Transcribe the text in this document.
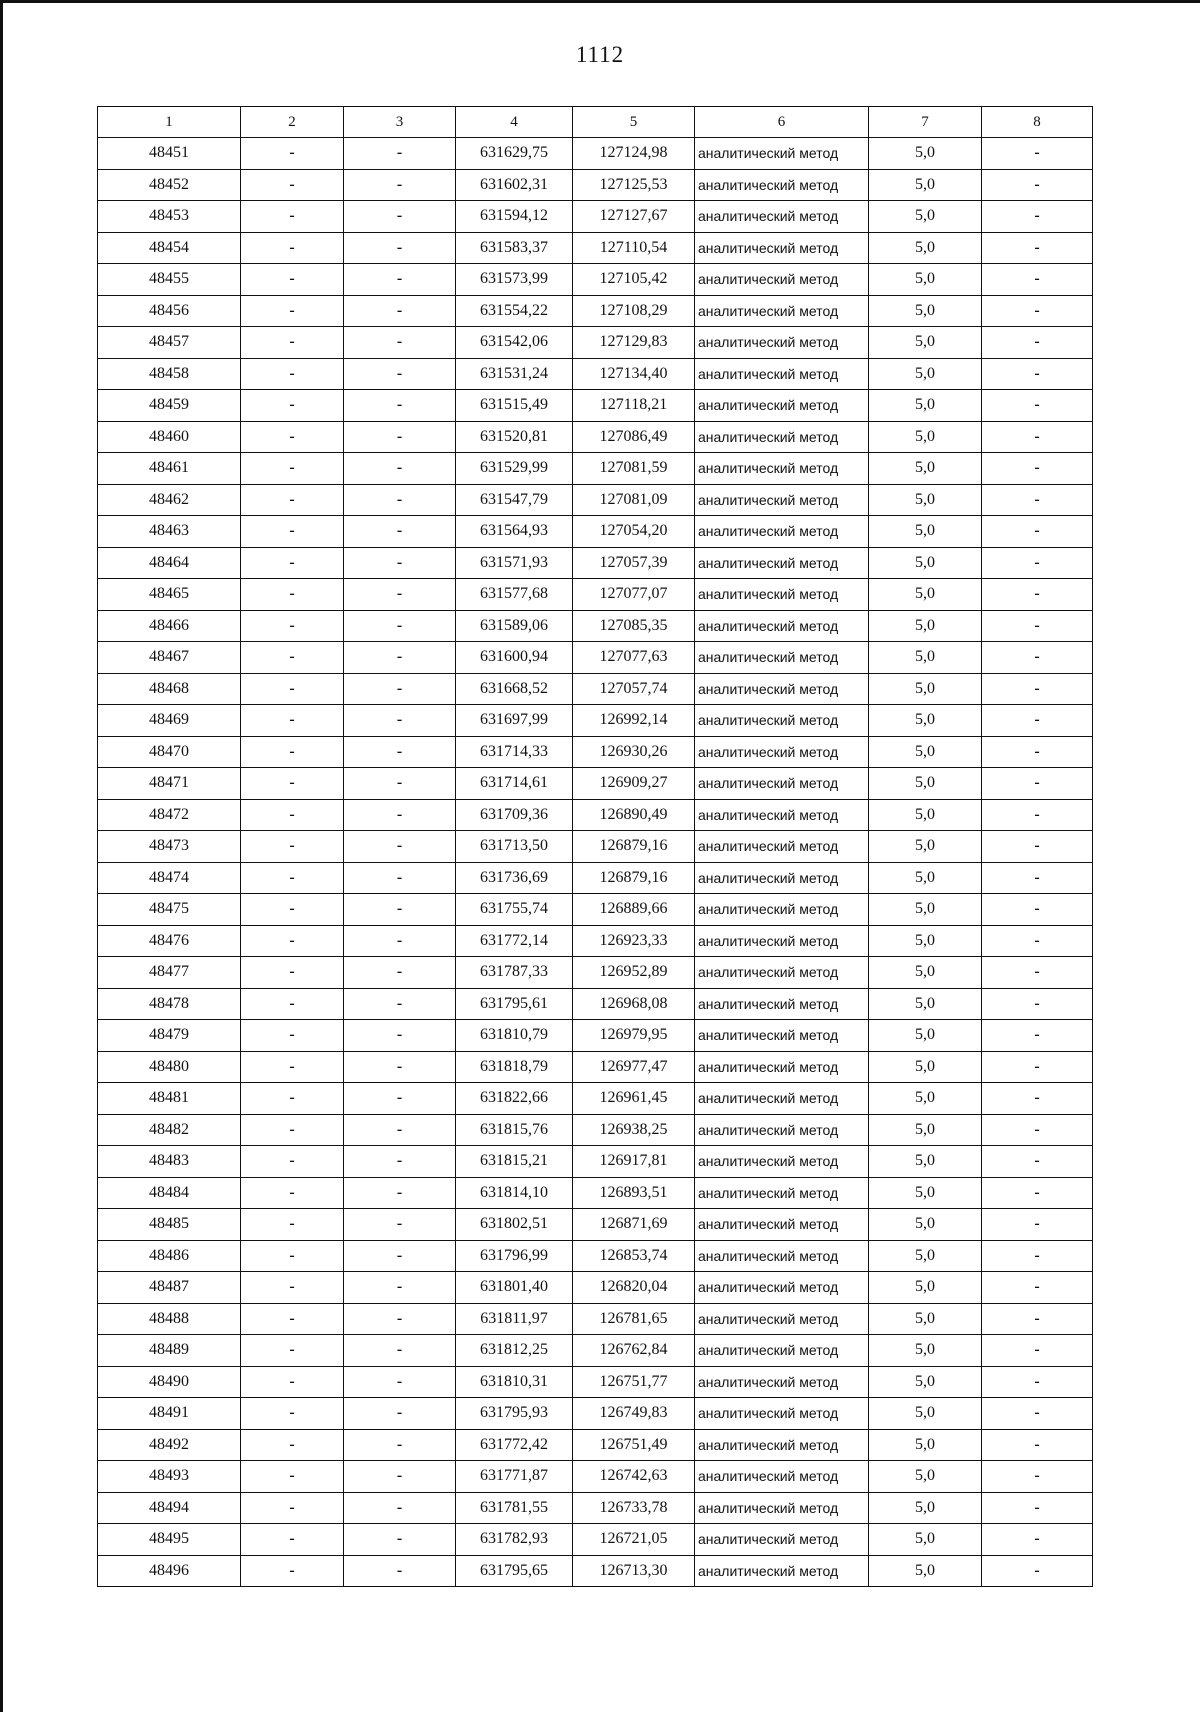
1112
1	2	3	4	5	6	7	8
48451	-	-	631629,75	127124,98	аналитический метод	5,0	-
48452	-	-	631602,31	127125,53	аналитический метод	5,0	-
48453	-	-	631594,12	127127,67	аналитический метод	5,0	-
48454	-	-	631583,37	127110,54	аналитический метод	5,0	-
48455	-	-	631573,99	127105,42	аналитический метод	5,0	-
48456	-	-	631554,22	127108,29	аналитический метод	5,0	-
48457	-	-	631542,06	127129,83	аналитический метод	5,0	-
48458	-	-	631531,24	127134,40	аналитический метод	5,0	-
48459	-	-	631515,49	127118,21	аналитический метод	5,0	-
48460	-	-	631520,81	127086,49	аналитический метод	5,0	-
48461	-	-	631529,99	127081,59	аналитический метод	5,0	-
48462	-	-	631547,79	127081,09	аналитический метод	5,0	-
48463	-	-	631564,93	127054,20	аналитический метод	5,0	-
48464	-	-	631571,93	127057,39	аналитический метод	5,0	-
48465	-	-	631577,68	127077,07	аналитический метод	5,0	-
48466	-	-	631589,06	127085,35	аналитический метод	5,0	-
48467	-	-	631600,94	127077,63	аналитический метод	5,0	-
48468	-	-	631668,52	127057,74	аналитический метод	5,0	-
48469	-	-	631697,99	126992,14	аналитический метод	5,0	-
48470	-	-	631714,33	126930,26	аналитический метод	5,0	-
48471	-	-	631714,61	126909,27	аналитический метод	5,0	-
48472	-	-	631709,36	126890,49	аналитический метод	5,0	-
48473	-	-	631713,50	126879,16	аналитический метод	5,0	-
48474	-	-	631736,69	126879,16	аналитический метод	5,0	-
48475	-	-	631755,74	126889,66	аналитический метод	5,0	-
48476	-	-	631772,14	126923,33	аналитический метод	5,0	-
48477	-	-	631787,33	126952,89	аналитический метод	5,0	-
48478	-	-	631795,61	126968,08	аналитический метод	5,0	-
48479	-	-	631810,79	126979,95	аналитический метод	5,0	-
48480	-	-	631818,79	126977,47	аналитический метод	5,0	-
48481	-	-	631822,66	126961,45	аналитический метод	5,0	-
48482	-	-	631815,76	126938,25	аналитический метод	5,0	-
48483	-	-	631815,21	126917,81	аналитический метод	5,0	-
48484	-	-	631814,10	126893,51	аналитический метод	5,0	-
48485	-	-	631802,51	126871,69	аналитический метод	5,0	-
48486	-	-	631796,99	126853,74	аналитический метод	5,0	-
48487	-	-	631801,40	126820,04	аналитический метод	5,0	-
48488	-	-	631811,97	126781,65	аналитический метод	5,0	-
48489	-	-	631812,25	126762,84	аналитический метод	5,0	-
48490	-	-	631810,31	126751,77	аналитический метод	5,0	-
48491	-	-	631795,93	126749,83	аналитический метод	5,0	-
48492	-	-	631772,42	126751,49	аналитический метод	5,0	-
48493	-	-	631771,87	126742,63	аналитический метод	5,0	-
48494	-	-	631781,55	126733,78	аналитический метод	5,0	-
48495	-	-	631782,93	126721,05	аналитический метод	5,0	-
48496	-	-	631795,65	126713,30	аналитический метод	5,0	-
